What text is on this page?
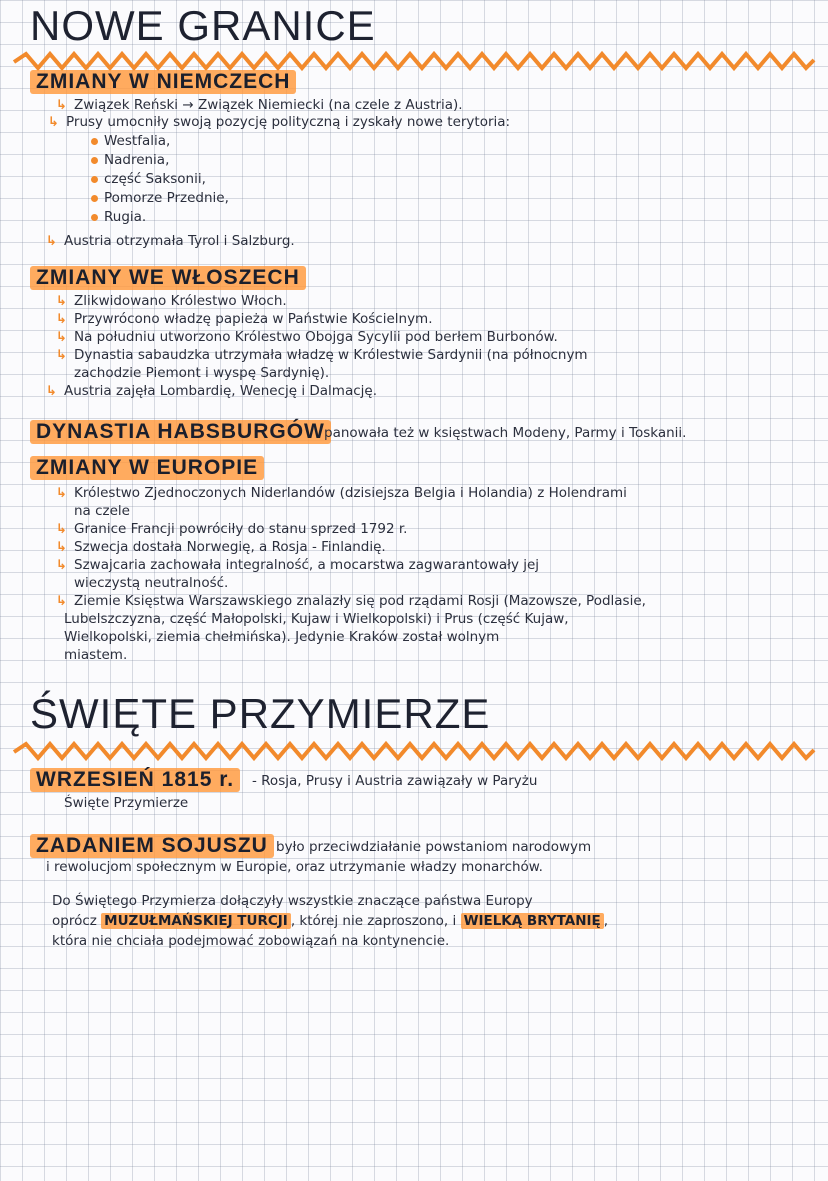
NOWE GRANICE
ZMIANY W NIEMCZECH
↳ Związek Reński → Związek Niemiecki (na czele z Austria).
↳ Prusy umocniły swoją pozycję polityczną i zyskały nowe terytoria:
Westfalia,
Nadrenia,
część Saksonii,
Pomorze Przednie,
Rugia.
↳ Austria otrzymała Tyrol i Salzburg.
ZMIANY WE WŁOSZECH
↳ Zlikwidowano Królestwo Włoch.
↳ Przywrócono władzę papieża w Państwie Kościelnym.
↳ Na południu utworzono Królestwo Obojga Sycylii pod berłem Burbonów.
↳ Dynastia sabaudzka utrzymała władzę w Królestwie Sardynii (na północnym
zachodzie Piemont i wyspę Sardynię).
↳ Austria zajęła Lombardię, Wenecję i Dalmację.
DYNASTIA HABSBURGÓW panowała też w księstwach Modeny, Parmy i Toskanii.
ZMIANY W EUROPIE
↳ Królestwo Zjednoczonych Niderlandów (dzisiejsza Belgia i Holandia) z Holendrami
na czele
↳ Granice Francji powróciły do stanu sprzed 1792 r.
↳ Szwecja dostała Norwegię, a Rosja - Finlandię.
↳ Szwajcaria zachowała integralność, a mocarstwa zagwarantowały jej
wieczystą neutralność.
↳ Ziemie Księstwa Warszawskiego znalazły się pod rządami Rosji (Mazowsze, Podlasie,
Lubelszczyzna, część Małopolski, Kujaw i Wielkopolski) i Prus (część Kujaw,
Wielkopolski, ziemia chełmińska). Jedynie Kraków został wolnym
miastem.
ŚWIĘTE PRZYMIERZE
WRZESIEŃ 1815 r.	- Rosja, Prusy i Austria zawiązały w Paryżu
Święte Przymierze
ZADANIEM SOJUSZU było przeciwdziałanie powstaniom narodowym
i rewolucjom społecznym w Europie, oraz utrzymanie władzy monarchów.
Do Świętego Przymierza dołączyły wszystkie znaczące państwa Europy
oprócz MUZUŁMAŃSKIEJ TURCJI , której nie zaproszono, i WIELKĄ BRYTANIĘ ,
która nie chciała podejmować zobowiązań na kontynencie.
